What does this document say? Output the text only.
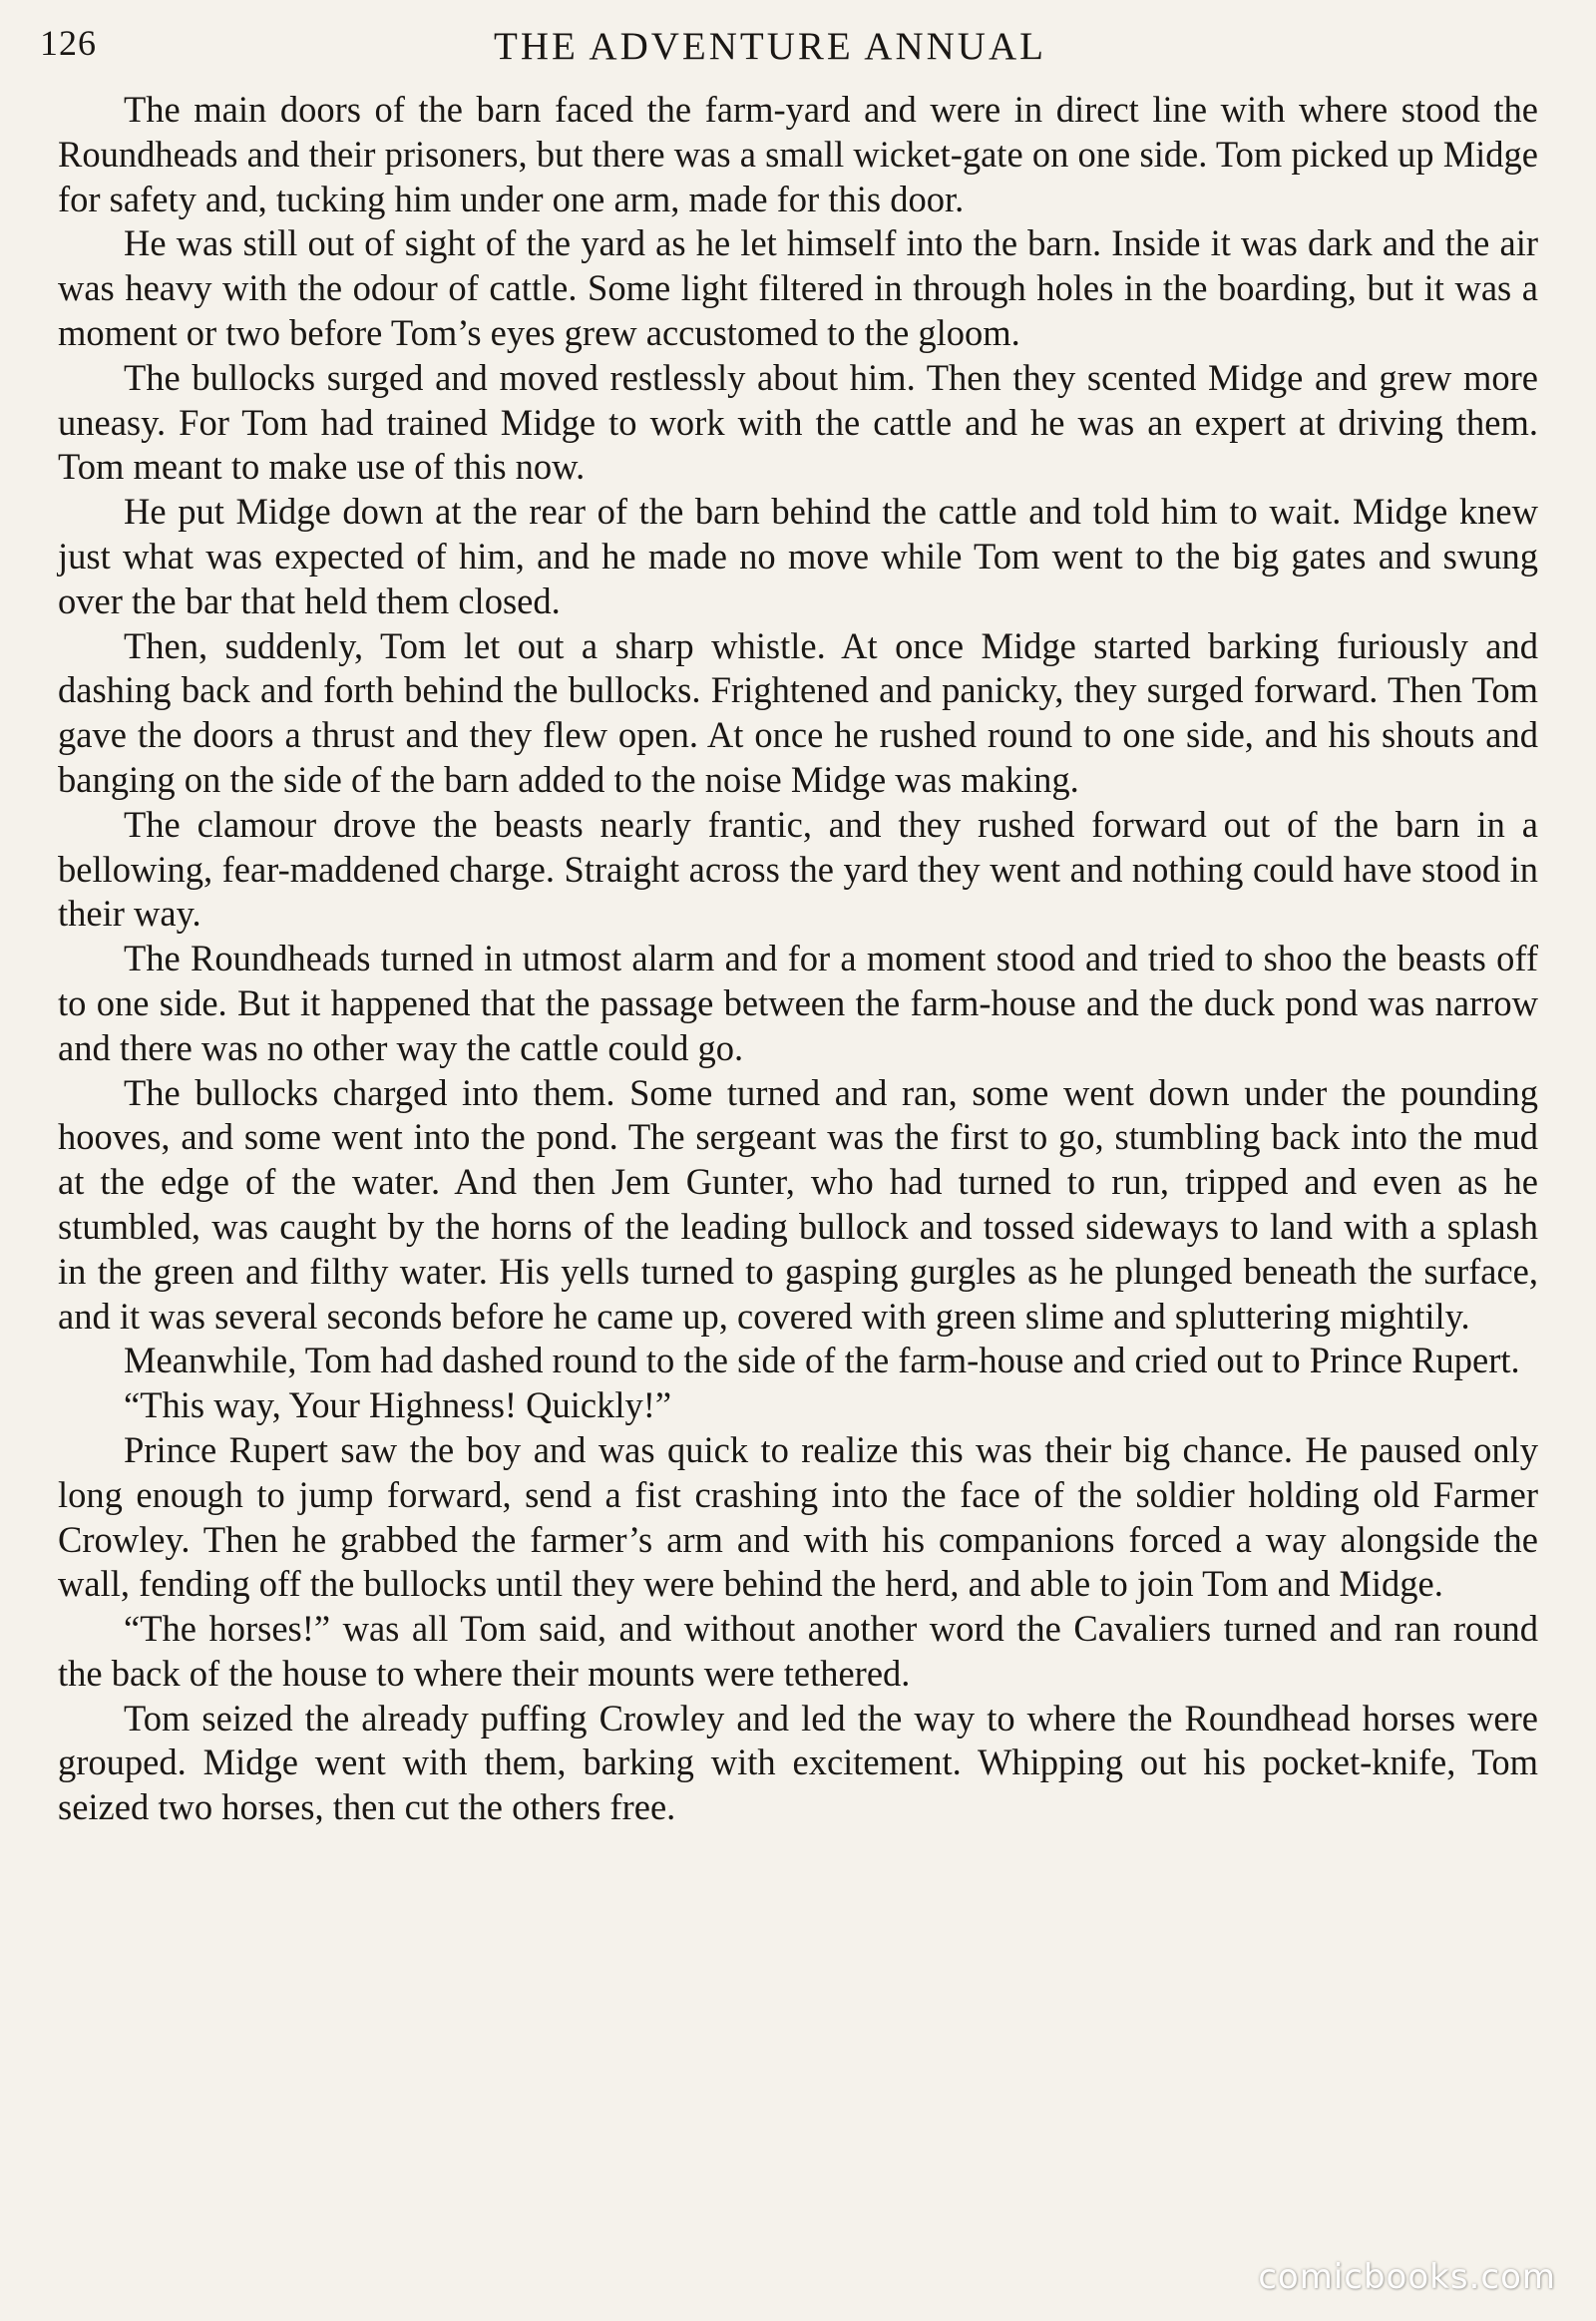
126	THE ADVENTURE ANNUAL

The main doors of the barn faced the farm-yard and were in direct line with where stood the Roundheads and their prisoners, but there was a small wicket-gate on one side. Tom picked up Midge for safety and, tucking him under one arm, made for this door.

He was still out of sight of the yard as he let himself into the barn. Inside it was dark and the air was heavy with the odour of cattle. Some light filtered in through holes in the boarding, but it was a moment or two before Tom’s eyes grew accustomed to the gloom.

The bullocks surged and moved restlessly about him. Then they scented Midge and grew more uneasy. For Tom had trained Midge to work with the cattle and he was an expert at driving them. Tom meant to make use of this now.

He put Midge down at the rear of the barn behind the cattle and told him to wait. Midge knew just what was expected of him, and he made no move while Tom went to the big gates and swung over the bar that held them closed.

Then, suddenly, Tom let out a sharp whistle. At once Midge started barking furiously and dashing back and forth behind the bullocks. Frightened and panicky, they surged forward. Then Tom gave the doors a thrust and they flew open. At once he rushed round to one side, and his shouts and banging on the side of the barn added to the noise Midge was making.

The clamour drove the beasts nearly frantic, and they rushed forward out of the barn in a bellowing, fear-maddened charge. Straight across the yard they went and nothing could have stood in their way.

The Roundheads turned in utmost alarm and for a moment stood and tried to shoo the beasts off to one side. But it happened that the passage between the farm-house and the duck pond was narrow and there was no other way the cattle could go.

The bullocks charged into them. Some turned and ran, some went down under the pounding hooves, and some went into the pond. The sergeant was the first to go, stumbling back into the mud at the edge of the water. And then Jem Gunter, who had turned to run, tripped and even as he stumbled, was caught by the horns of the leading bullock and tossed sideways to land with a splash in the green and filthy water. His yells turned to gasping gurgles as he plunged beneath the surface, and it was several seconds before he came up, covered with green slime and spluttering mightily.

Meanwhile, Tom had dashed round to the side of the farm-house and cried out to Prince Rupert.

“This way, Your Highness! Quickly!”

Prince Rupert saw the boy and was quick to realize this was their big chance. He paused only long enough to jump forward, send a fist crashing into the face of the soldier holding old Farmer Crowley. Then he grabbed the farmer’s arm and with his companions forced a way alongside the wall, fending off the bullocks until they were behind the herd, and able to join Tom and Midge.

“The horses!” was all Tom said, and without another word the Cavaliers turned and ran round the back of the house to where their mounts were tethered.

Tom seized the already puffing Crowley and led the way to where the Roundhead horses were grouped. Midge went with them, barking with excitement. Whipping out his pocket-knife, Tom seized two horses, then cut the others free.

comicbooks.com
